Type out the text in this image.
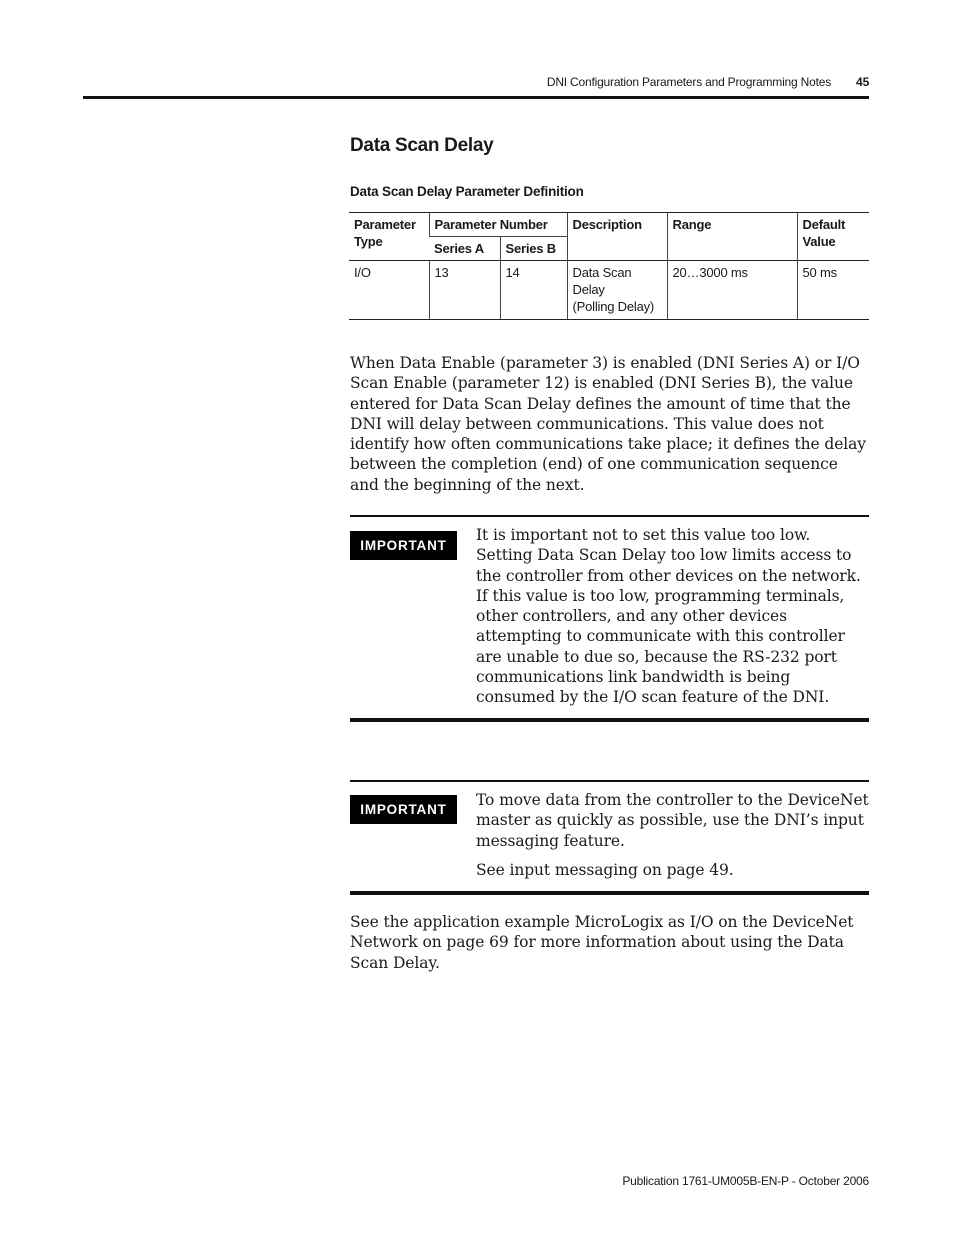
DNI Configuration Parameters and Programming Notes 45
Data Scan Delay
Data Scan Delay Parameter Definition
Parameter Type	Parameter Number		Description	Range	Default Value
	Series A	Series B			
I/O	13	14	Data Scan
Delay
(Polling Delay)	20…3000 ms	50 ms
When Data Enable (parameter 3) is enabled (DNI Series A) or I/O Scan Enable (parameter 12) is enabled (DNI Series B), the value entered for Data Scan Delay defines the amount of time that the DNI will delay between communications. This value does not identify how often communications take place; it defines the delay between the completion (end) of one communication sequence and the beginning of the next.
IMPORTANT
It is important not to set this value too low. Setting Data Scan Delay too low limits access to the controller from other devices on the network. If this value is too low, programming terminals, other controllers, and any other devices attempting to communicate with this controller are unable to due so, because the RS-232 port communications link bandwidth is being consumed by the I/O scan feature of the DNI.
IMPORTANT
To move data from the controller to the DeviceNet master as quickly as possible, use the DNI’s input messaging feature.
See input messaging on page 49.
See the application example MicroLogix as I/O on the DeviceNet Network on page 69 for more information about using the Data Scan Delay.
Publication 1761-UM005B-EN-P - October 2006
